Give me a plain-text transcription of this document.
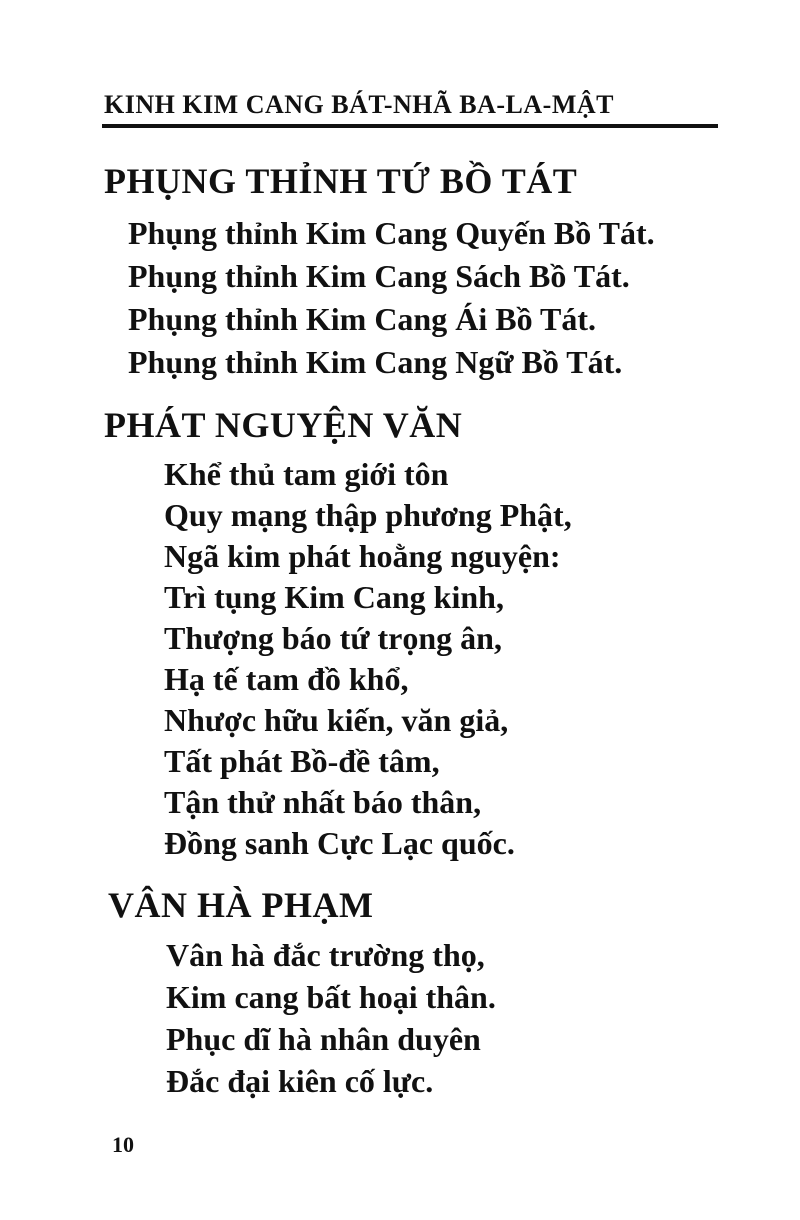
KINH KIM CANG BÁT-NHÃ BA-LA-MẬT
PHỤNG THỈNH TỨ BỒ TÁT
Phụng thỉnh Kim Cang Quyến Bồ Tát.
Phụng thỉnh Kim Cang Sách Bồ Tát.
Phụng thỉnh Kim Cang Ái Bồ Tát.
Phụng thỉnh Kim Cang Ngữ Bồ Tát.
PHÁT NGUYỆN VĂN
Khể thủ tam giới tôn
Quy mạng thập phương Phật,
Ngã kim phát hoằng nguyện:
Trì tụng Kim Cang kinh,
Thượng báo tứ trọng ân,
Hạ tế tam đồ khổ,
Nhược hữu kiến, văn giả,
Tất phát Bồ-đề tâm,
Tận thử nhất báo thân,
Đồng sanh Cực Lạc quốc.
VÂN HÀ PHẠM
Vân hà đắc trường thọ,
Kim cang bất hoại thân.
Phục dĩ hà nhân duyên
Đắc đại kiên cố lực.
10
